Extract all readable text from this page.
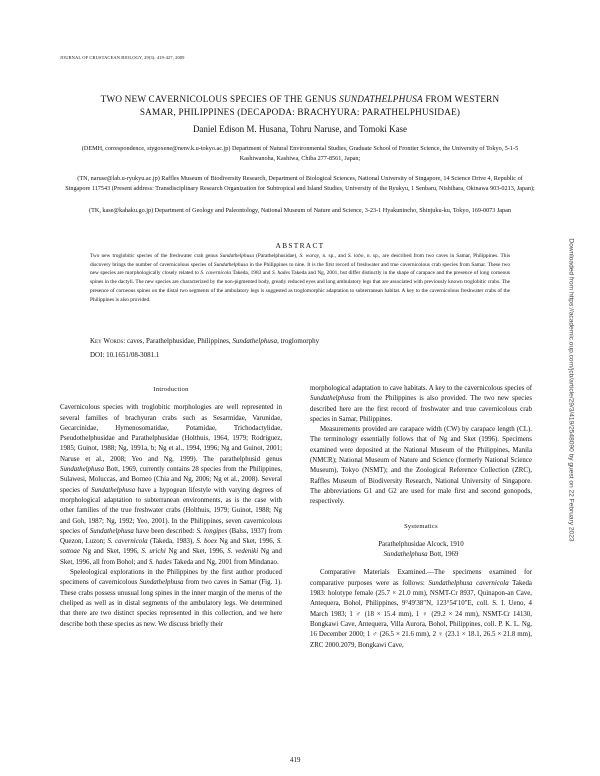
JOURNAL OF CRUSTACEAN BIOLOGY, 29(3): 419-427, 2009
TWO NEW CAVERNICOLOUS SPECIES OF THE GENUS SUNDATHELPHUSA FROM WESTERN
SAMAR, PHILIPPINES (DECAPODA: BRACHYURA: PARATHELPHUSIDAE)
Daniel Edison M. Husana, Tohru Naruse, and Tomoki Kase
(DEMH, correspondence, stygoxene@nenv.k.u-tokyo.ac.jp) Department of Natural Environmental Studies, Graduate School of Frontier Science, the University of Tokyo, 5-1-5 Kashiwanoha, Kashiwa, Chiba 277-8561, Japan;
(TN, naruse@lab.u-ryukyu.ac.jp) Raffles Museum of Biodiversity Research, Department of Biological Sciences, National University of Singapore, 14 Science Drive 4, Republic of Singapore 117543 (Present address: Transdisciplinary Research Organization for Subtropical and Island Studies, University of the Ryukyu, 1 Senbaru, Nishihara, Okinawa 903-0213, Japan);
(TK, kase@kahaku.go.jp) Department of Geology and Paleontology, National Museum of Nature and Science, 3-23-1 Hyakunincho, Shinjuku-ku, Tokyo, 169-0073 Japan
ABSTRACT
Two new troglobitic species of the freshwater crab genus Sundathelphusa (Parathelphusidae), S. waray, n. sp., and S. lobo, n. sp., are described from two caves in Samar, Philippines. This discovery brings the number of cavernicolous species of Sundathelphusa in the Philippines to nine. It is the first record of freshwater and true cavernicolous crab species from Samar. These two new species are morphologically closely related to S. cavernicola Takeda, 1983 and S. hades Takeda and Ng, 2001, but differ distinctly in the shape of carapace and the presence of long corneous spines in the dactyli. The new species are characterized by the non-pigmented body, greatly reduced eyes and long ambulatory legs that are associated with previously known troglobitic crabs. The presence of corneous spines on the distal two segments of the ambulatory legs is suggested as troglomorphic adaptation to subterranean habitat. A key to the cavernicolous freshwater crabs of the Philippines is also provided.
Key Words: caves, Parathelphusidae, Philippines, Sundathelphusa, troglomorphy
DOI: 10.1651/08-3081.1

Introduction

Cavernicolous species with troglobitic morphologies are well represented in several families of brachyuran crabs such as Sesarmidae, Varunidae, Gecarcinidae, Hymenosomatidae, Potamidae, Trichodactylidae, Pseudothelphusidae and Parathelphusidae (Holthuis, 1964, 1979; Rodriguez, 1985; Guinot, 1988; Ng, 1991a, b; Ng et al., 1994, 1996; Ng and Guinot, 2001; Naruse et al., 2008; Yeo and Ng, 1999). The parathelphusid genus Sundathelphusa Bott, 1969, currently contains 28 species from the Philippines, Sulawesi, Moluccas, and Borneo (Chia and Ng, 2006; Ng et al., 2008). Several species of Sundathelphusa have a hypogean lifestyle with varying degrees of morphological adaptation to subterranean environments, as is the case with other families of the true freshwater crabs (Holthuis, 1979; Guinot, 1988; Ng and Goh, 1987; Ng, 1992; Yeo, 2001). In the Philippines, seven cavernicolous species of Sundathelphusa have been described: S. longipes (Balss, 1937) from Quezon, Luzon; S. cavernicola (Takeda, 1983), S. boex Ng and Sket, 1996, S. sottoae Ng and Sket, 1996, S. urichi Ng and Sket, 1996, S. vedeniki Ng and Sket, 1996, all from Bohol; and S. hades Takeda and Ng, 2001 from Mindanao.

Speleological explorations in the Philippines by the first author produced specimens of cavernicolous Sundathelphusa from two caves in Samar (Fig. 1). These crabs possess unusual long spines in the inner margin of the merus of the cheliped as well as in distal segments of the ambulatory legs. We determined that there are two distinct species represented in this collection, and we here describe both these species as new. We discuss briefly their

morphological adaptation to cave habitats. A key to the cavernicolous species of Sundathelphusa from the Philippines is also provided. The two new species described here are the first record of freshwater and true cavernicolous crab species in Samar, Philippines.

Measurements provided are carapace width (CW) by carapace length (CL). The terminology essentially follows that of Ng and Sket (1996). Specimens examined were deposited at the National Museum of the Philippines, Manila (NMCR); National Museum of Nature and Science (formerly National Science Museum), Tokyo (NSMT); and the Zoological Reference Collection (ZRC), Raffles Museum of Biodiversity Research, National University of Singapore. The abbreviations G1 and G2 are used for male first and second gonopods, respectively.

Systematics

Parathelphusidae Alcock, 1910

Sundathelphusa Bott, 1969

Comparative Materials Examined.—The specimens examined for comparative purposes were as follows: Sundathelphusa cavernicola Takeda 1983: holotype female (25.7 × 21.0 mm), NSMT-Cr 8937, Quinapon-an Cave, Antequera, Bohol, Philippines, 9°49′38″N, 123°54′10″E, coll. S. I. Ueno, 4 March 1983; 1 ♂ (18 × 15.4 mm), 1 ♀ (29.2 × 24 mm), NSMT-Cr 14130, Bongkawi Cave, Antequera, Villa Aurora, Bohol, Philippines, coll. P. K. L. Ng, 16 December 2000; 1 ♂ (26.5 × 21.6 mm), 2 ♀ (23.1 × 18.1, 26.5 × 21.8 mm), ZRC 2000.2079, Bongkawi Cave,

419
Downloaded from https://academic.oup.com/jcb/article/29/3/419/2548090 by guest on 22 February 2023
